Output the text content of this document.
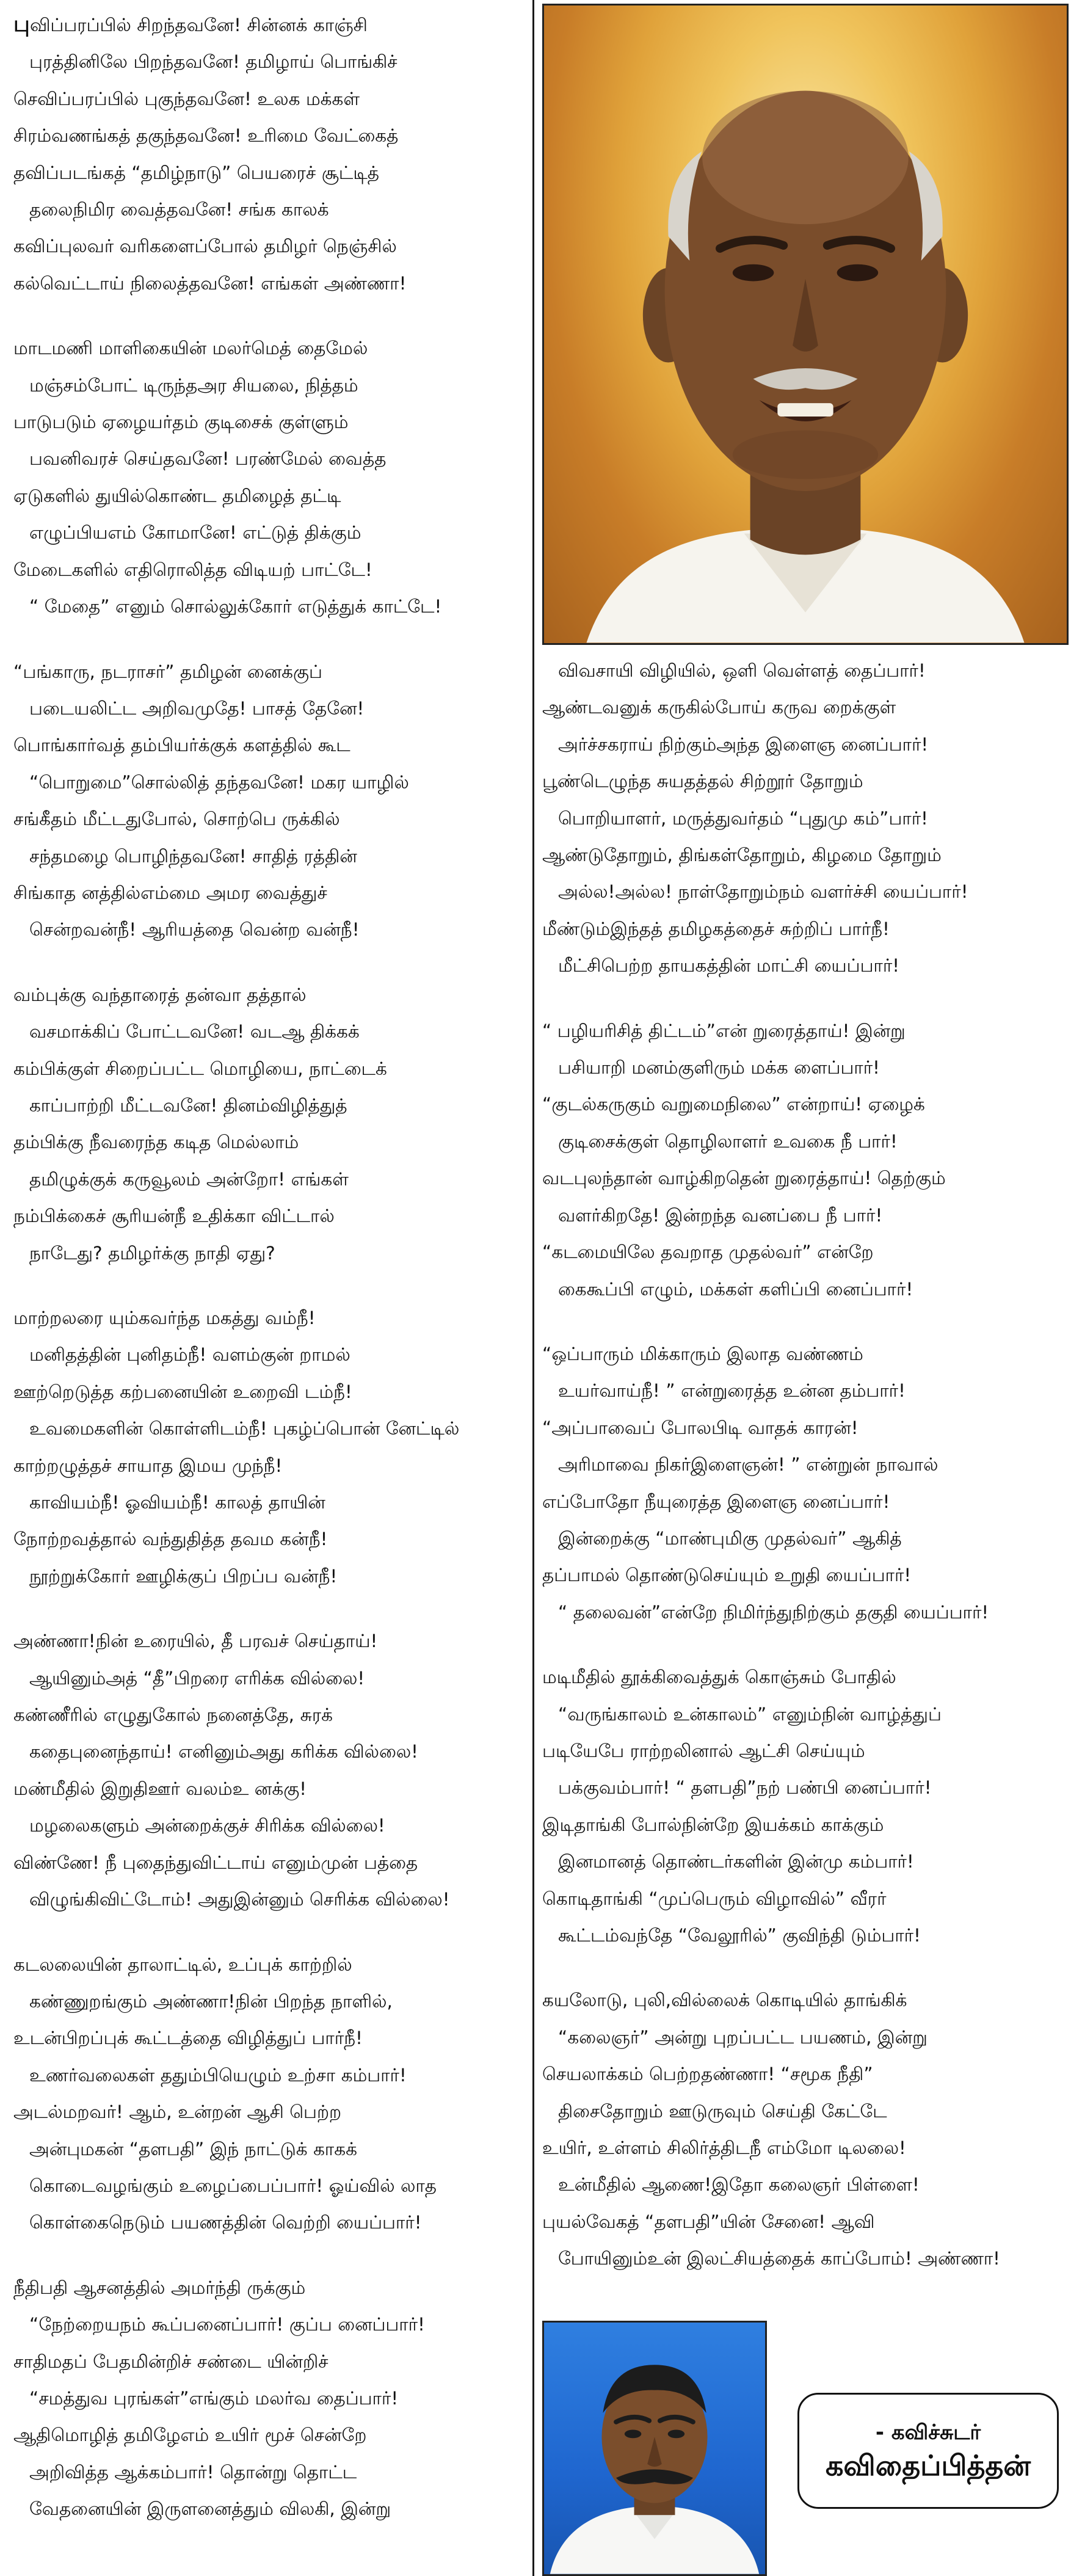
புவிப்பரப்பில் சிறந்தவனே! சின்னக் காஞ்சி
புரத்தினிலே பிறந்தவனே! தமிழாய் பொங்கிச்
செவிப்பரப்பில் புகுந்தவனே! உலக மக்கள்
சிரம்வணங்கத் தகுந்தவனே! உரிமை வேட்கைத்
தவிப்படங்கத் “தமிழ்நாடு” பெயரைச் சூட்டித்
தலைநிமிர வைத்தவனே! சங்க காலக்
கவிப்புலவர் வரிகளைப்போல் தமிழர் நெஞ்சில்
கல்வெட்டாய் நிலைத்தவனே! எங்கள் அண்ணா!
மாடமணி மாளிகையின் மலர்மெத் தைமேல்
மஞ்சம்போட் டிருந்தஅர சியலை, நித்தம்
பாடுபடும் ஏழையர்தம் குடிசைக் குள்ளும்
பவனிவரச் செய்தவனே! பரண்மேல் வைத்த
ஏடுகளில் துயில்கொண்ட தமிழைத் தட்டி
எழுப்பியஎம் கோமானே! எட்டுத் திக்கும்
மேடைகளில் எதிரொலித்த விடியற் பாட்டே!
“ மேதை” எனும் சொல்லுக்கோர் எடுத்துக் காட்டே!
“பங்காரு, நடராசர்” தமிழன் னைக்குப்
படையலிட்ட அறிவமுதே! பாசத் தேனே!
பொங்கார்வத் தம்பியர்க்குக் களத்தில் கூட
“பொறுமை”சொல்லித் தந்தவனே! மகர யாழில்
சங்கீதம் மீட்டதுபோல், சொற்பெ ருக்கில்
சந்தமழை பொழிந்தவனே! சாதித் ரத்தின்
சிங்காத னத்தில்எம்மை அமர வைத்துச்
சென்றவன்நீ! ஆரியத்தை வென்ற வன்நீ!
வம்புக்கு வந்தாரைத் தன்வா தத்தால்
வசமாக்கிப் போட்டவனே! வடஆ திக்கக்
கம்பிக்குள் சிறைப்பட்ட மொழியை, நாட்டைக்
காப்பாற்றி மீட்டவனே! தினம்விழித்துத்
தம்பிக்கு நீவரைந்த கடித மெல்லாம்
தமிழுக்குக் கருவூலம் அன்றோ! எங்கள்
நம்பிக்கைச் சூரியன்நீ உதிக்கா விட்டால்
நாடேது? தமிழர்க்கு நாதி ஏது?
மாற்றலரை யும்கவர்ந்த மகத்து வம்நீ!
மனிதத்தின் புனிதம்நீ! வளம்குன் றாமல்
ஊற்றெடுத்த கற்பனையின் உறைவி டம்நீ!
உவமைகளின் கொள்ளிடம்நீ! புகழ்ப்பொன் னேட்டில்
காற்றழுத்தச் சாயாத இமய முந்நீ!
காவியம்நீ! ஓவியம்நீ! காலத் தாயின்
நோற்றவத்தால் வந்துதித்த தவம கன்நீ!
நூற்றுக்கோர் ஊழிக்குப் பிறப்ப வன்நீ!
அண்ணா!நின் உரையில், தீ பரவச் செய்தாய்!
ஆயினும்அத் “தீ”பிறரை எரிக்க வில்லை!
கண்ணீரில் எழுதுகோல் நனைத்தே, சுரக்
கதைபுனைந்தாய்! எனினும்அது கரிக்க வில்லை!
மண்மீதில் இறுதிஊர் வலம்உ னக்கு!
மழலைகளும் அன்றைக்குச் சிரிக்க வில்லை!
விண்ணே! நீ புதைந்துவிட்டாய் எனும்முன் பத்தை
விழுங்கிவிட்டோம்! அதுஇன்னும் செரிக்க வில்லை!
கடலலையின் தாலாட்டில், உப்புக் காற்றில்
கண்ணுறங்கும் அண்ணா!நின் பிறந்த நாளில்,
உடன்பிறப்புக் கூட்டத்தை விழித்துப் பார்நீ!
உணர்வலைகள் ததும்பியெழும் உற்சா கம்பார்!
அடல்மறவர்! ஆம், உன்றன் ஆசி பெற்ற
அன்புமகன் “தளபதி” இந் நாட்டுக் காகக்
கொடைவழங்கும் உழைப்பைப்பார்! ஓய்வில் லாத
கொள்கைநெடும் பயணத்தின் வெற்றி யைப்பார்!
நீதிபதி ஆசனத்தில் அமர்ந்தி ருக்கும்
“நேற்றையநம் கூப்பனைப்பார்! குப்ப னைப்பார்!
சாதிமதப் பேதமின்றிச் சண்டை யின்றிச்
“சமத்துவ புரங்கள்”எங்கும் மலர்வ தைப்பார்!
ஆதிமொழித் தமிழேஎம் உயிர் மூச் சென்றே
அறிவித்த ஆக்கம்பார்! தொன்று தொட்ட
வேதனையின் இருளனைத்தும் விலகி, இன்று
விவசாயி விழியில், ஒளி வெள்ளத் தைப்பார்!
ஆண்டவனுக் கருகில்போய் கருவ றைக்குள்
அர்ச்சகராய் நிற்கும்அந்த இளைஞ னைப்பார்!
பூண்டெழுந்த சுயதத்தல் சிற்றூர் தோறும்
பொறியாளர், மருத்துவர்தம் “புதுமு கம்”பார்!
ஆண்டுதோறும், திங்கள்தோறும், கிழமை தோறும்
அல்ல!அல்ல! நாள்தோறும்நம் வளர்ச்சி யைப்பார்!
மீண்டும்இந்தத் தமிழகத்தைச் சுற்றிப் பார்நீ!
மீட்சிபெற்ற தாயகத்தின் மாட்சி யைப்பார்!
“ பழியரிசித் திட்டம்”என் றுரைத்தாய்! இன்று
பசியாறி மனம்குளிரும் மக்க ளைப்பார்!
“குடல்கருகும் வறுமைநிலை” என்றாய்! ஏழைக்
குடிசைக்குள் தொழிலாளர் உவகை நீ பார்!
வடபுலந்தான் வாழ்கிறதென் றுரைத்தாய்! தெற்கும்
வளர்கிறதே! இன்றந்த வனப்பை நீ பார்!
“கடமையிலே தவறாத முதல்வர்” என்றே
கைகூப்பி எழும், மக்கள் களிப்பி னைப்பார்!
“ஒப்பாரும் மிக்காரும் இலாத வண்ணம்
உயர்வாய்நீ! ” என்றுரைத்த உன்ன தம்பார்!
“அப்பாவைப் போலபிடி வாதக் காரன்!
அரிமாவை நிகர்இளைஞன்! ” என்றுன் நாவால்
எப்போதோ நீயுரைத்த இளைஞ னைப்பார்!
இன்றைக்கு “மாண்புமிகு முதல்வர்” ஆகித்
தப்பாமல் தொண்டுசெய்யும் உறுதி யைப்பார்!
“ தலைவன்”என்றே நிமிர்ந்துநிற்கும் தகுதி யைப்பார்!
மடிமீதில் தூக்கிவைத்துக் கொஞ்சும் போதில்
“வருங்காலம் உன்காலம்” எனும்நின் வாழ்த்துப்
படியேபே ராற்றலினால் ஆட்சி செய்யும்
பக்குவம்பார்! “ தளபதி”நற் பண்பி னைப்பார்!
இடிதாங்கி போல்நின்றே இயக்கம் காக்கும்
இனமானத் தொண்டர்களின் இன்மு கம்பார்!
கொடிதாங்கி “முப்பெரும் விழாவில்” வீரர்
கூட்டம்வந்தே “வேலூரில்” குவிந்தி டும்பார்!
கயலோடு, புலி,வில்லைக் கொடியில் தாங்கிக்
“கலைஞர்” அன்று புறப்பட்ட பயணம், இன்று
செயலாக்கம் பெற்றதண்ணா! “சமூக நீதி”
திசைதோறும் ஊடுருவும் செய்தி கேட்டே
உயிர், உள்ளம் சிலிர்த்திடநீ எம்மோ டிலலை!
உன்மீதில் ஆணை!இதோ கலைஞர் பிள்ளை!
புயல்வேகத் “தளபதி”யின் சேனை! ஆவி
போயினும்உன் இலட்சியத்தைக் காப்போம்! அண்ணா!
- கவிச்சுடர்
கவிதைப்பித்தன்
